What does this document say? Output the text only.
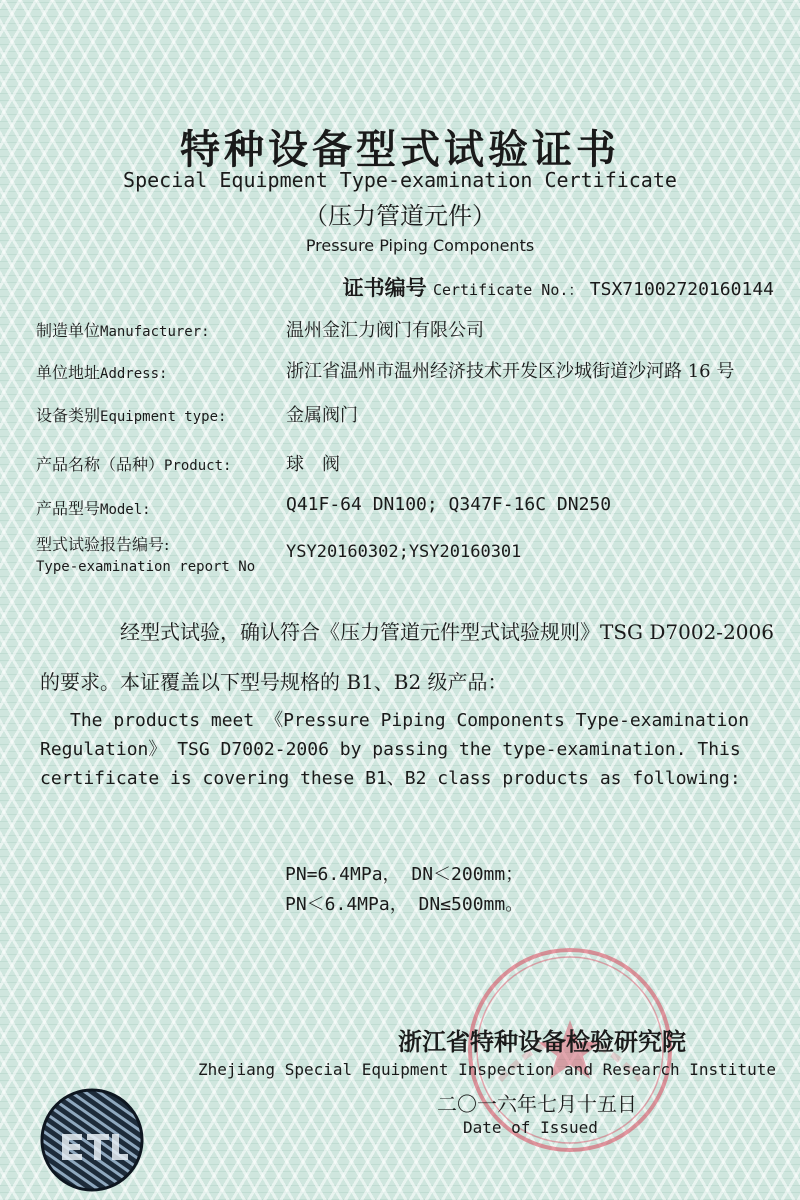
特种设备型式试验证书
Special Equipment Type-examination Certificate
（压力管道元件）
Pressure Piping Components
证书编号 Certificate No.： TSX71002720160144
制造单位Manufacturer:	温州金汇力阀门有限公司
单位地址Address:	浙江省温州市温州经济技术开发区沙城街道沙河路 16 号
设备类别Equipment type:	金属阀门
产品名称（品种）Product:	球　阀
产品型号Model:	Q41F-64 DN100; Q347F-16C DN250
型式试验报告编号:
Type-examination report No
YSY20160302;YSY20160301
经型式试验，确认符合《压力管道元件型式试验规则》TSG D7002-2006
的要求。本证覆盖以下型号规格的 B1、B2 级产品：
The products meet 《Pressure Piping Components Type-examination Regulation》 TSG D7002-2006 by passing the type-examination. This certificate is covering these B1、B2 class products as following:
PN=6.4MPa， DN＜200mm；
PN＜6.4MPa， DN≤500mm。
浙江省特种设备检验研究院
Zhejiang Special Equipment Inspection and Research Institute
二〇一六年七月十五日
Date of Issued
